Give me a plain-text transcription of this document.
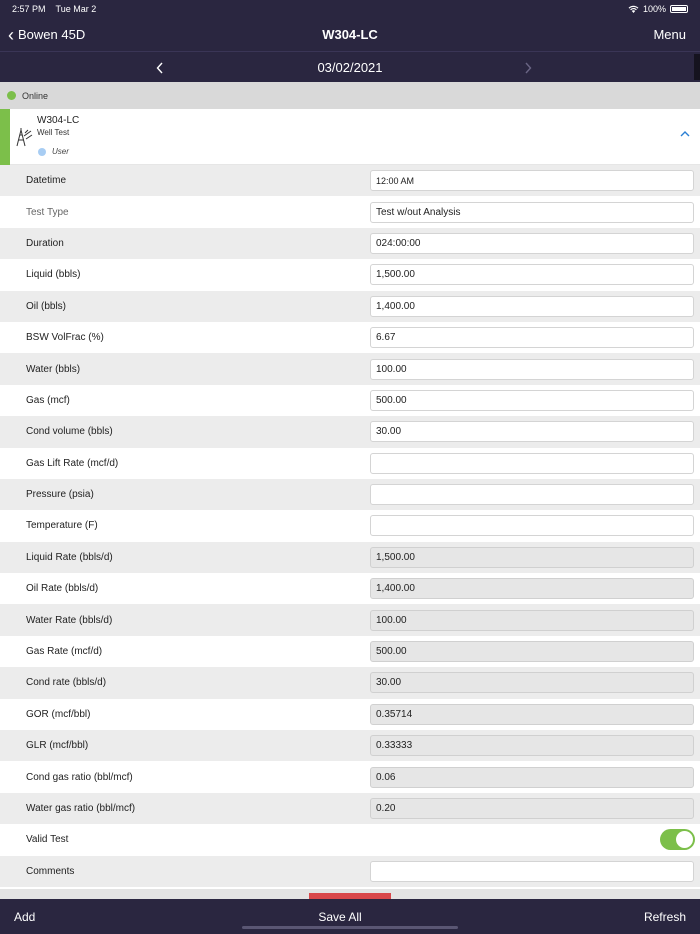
2:57 PM Tue Mar 2	100%
‹ Bowen 45D	W304-LC	Menu
03/02/2021
Online
W304-LC
Well Test
User
Datetime	12:00 AM
Test Type	Test w/out Analysis
Duration	024:00:00
Liquid (bbls)	1,500.00
Oil (bbls)	1,400.00
BSW VolFrac (%)	6.67
Water (bbls)	100.00
Gas (mcf)	500.00
Cond volume (bbls)	30.00
Gas Lift Rate (mcf/d)
Pressure (psia)
Temperature (F)
Liquid Rate (bbls/d)	1,500.00
Oil Rate (bbls/d)	1,400.00
Water Rate (bbls/d)	100.00
Gas Rate (mcf/d)	500.00
Cond rate (bbls/d)	30.00
GOR (mcf/bbl)	0.35714
GLR (mcf/bbl)	0.33333
Cond gas ratio (bbl/mcf)	0.06
Water gas ratio (bbl/mcf)	0.20
Valid Test
Comments
Add	Save All	Refresh
